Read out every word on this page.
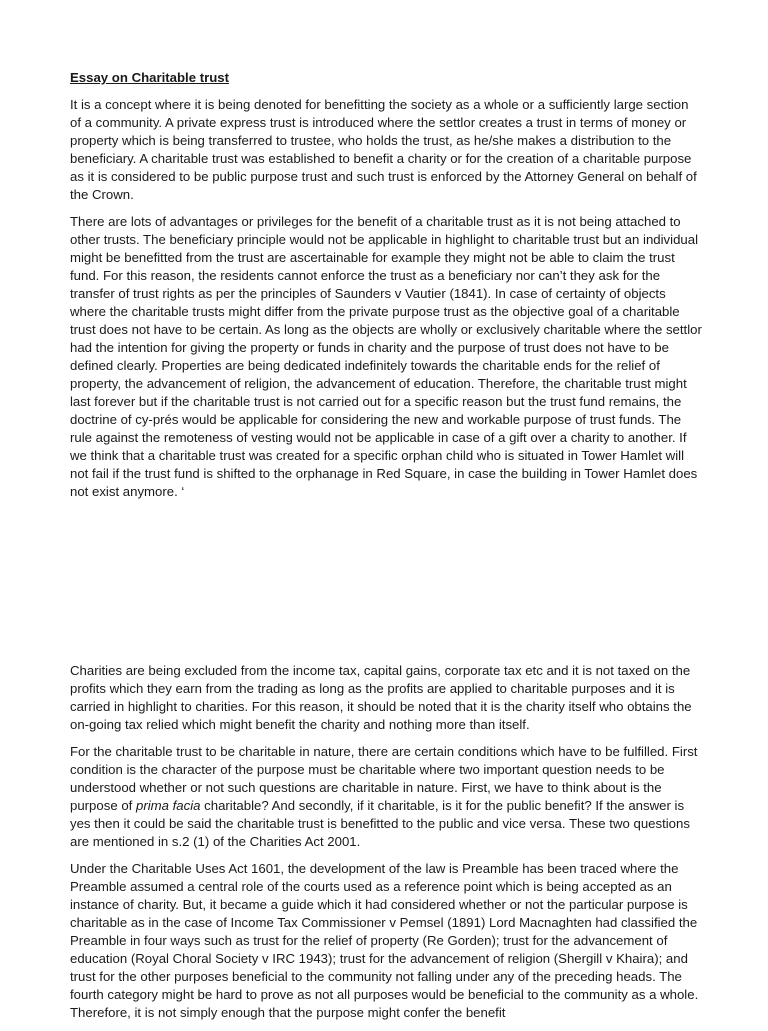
Essay on Charitable trust

It is a concept where it is being denoted for benefitting the society as a whole or a sufficiently large section of a community. A private express trust is introduced where the settlor creates a trust in terms of money or property which is being transferred to trustee, who holds the trust, as he/she makes a distribution to the beneficiary. A charitable trust was established to benefit a charity or for the creation of a charitable purpose as it is considered to be public purpose trust and such trust is enforced by the Attorney General on behalf of the Crown.

There are lots of advantages or privileges for the benefit of a charitable trust as it is not being attached to other trusts. The beneficiary principle would not be applicable in highlight to charitable trust but an individual might be benefitted from the trust are ascertainable for example they might not be able to claim the trust fund. For this reason, the residents cannot enforce the trust as a beneficiary nor can’t they ask for the transfer of trust rights as per the principles of Saunders v Vautier (1841). In case of certainty of objects where the charitable trusts might differ from the private purpose trust as the objective goal of a charitable trust does not have to be certain. As long as the objects are wholly or exclusively charitable where the settlor had the intention for giving the property or funds in charity and the purpose of trust does not have to be defined clearly. Properties are being dedicated indefinitely towards the charitable ends for the relief of property, the advancement of religion, the advancement of education. Therefore, the charitable trust might last forever but if the charitable trust is not carried out for a specific reason but the trust fund remains, the doctrine of cy-prés would be applicable for considering the new and workable purpose of trust funds. The rule against the remoteness of vesting would not be applicable in case of a gift over a charity to another. If we think that a charitable trust was created for a specific orphan child who is situated in Tower Hamlet will not fail if the trust fund is shifted to the orphanage in Red Square, in case the building in Tower Hamlet does not exist anymore. ‘

Charities are being excluded from the income tax, capital gains, corporate tax etc and it is not taxed on the profits which they earn from the trading as long as the profits are applied to charitable purposes and it is carried in highlight to charities. For this reason, it should be noted that it is the charity itself who obtains the on-going tax relied which might benefit the charity and nothing more than itself.

For the charitable trust to be charitable in nature, there are certain conditions which have to be fulfilled. First condition is the character of the purpose must be charitable where two important question needs to be understood whether or not such questions are charitable in nature. First, we have to think about is the purpose of prima facia charitable? And secondly, if it charitable, is it for the public benefit? If the answer is yes then it could be said the charitable trust is benefitted to the public and vice versa. These two questions are mentioned in s.2 (1) of the Charities Act 2001.

Under the Charitable Uses Act 1601, the development of the law is Preamble has been traced where the Preamble assumed a central role of the courts used as a reference point which is being accepted as an instance of charity. But, it became a guide which it had considered whether or not the particular purpose is charitable as in the case of Income Tax Commissioner v Pemsel (1891) Lord Macnaghten had classified the Preamble in four ways such as trust for the relief of property (Re Gorden); trust for the advancement of education (Royal Choral Society v IRC 1943); trust for the advancement of religion (Shergill v Khaira); and trust for the other purposes beneficial to the community not falling under any of the preceding heads. The fourth category might be hard to prove as not all purposes would be beneficial to the community as a whole. Therefore, it is not simply enough that the purpose might confer the benefit
